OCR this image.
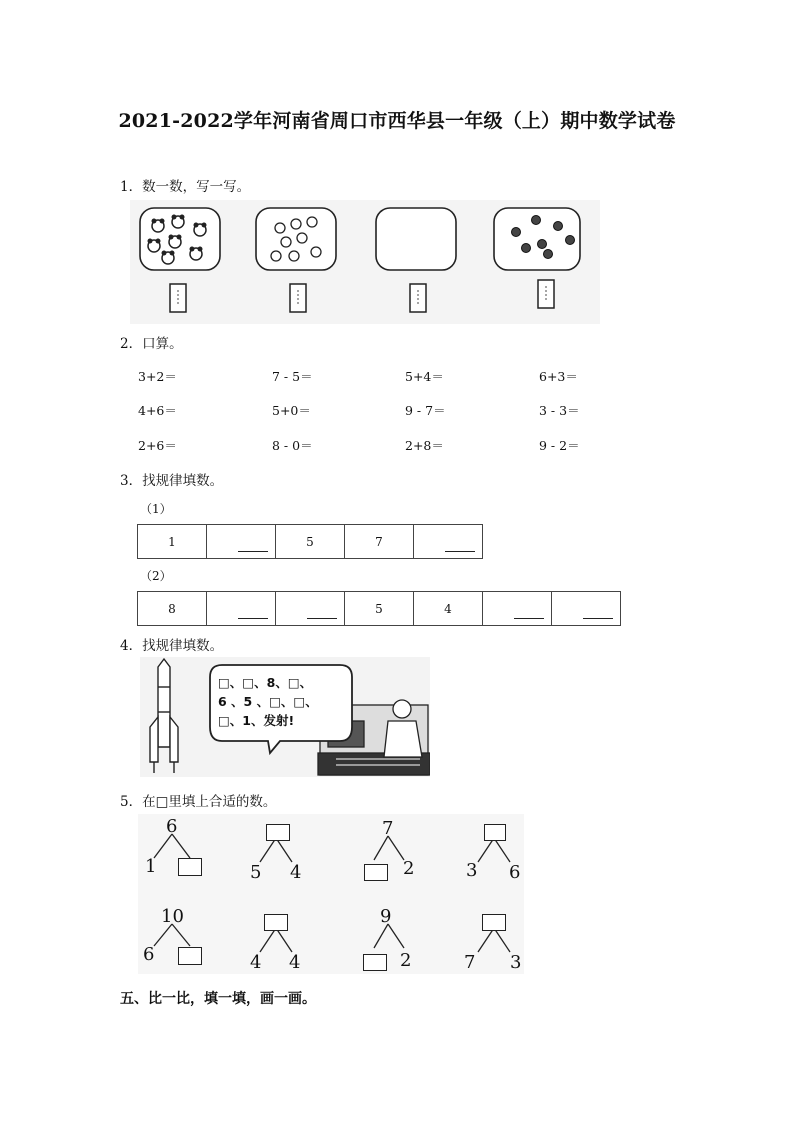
2021-2022学年河南省周口市西华县一年级（上）期中数学试卷
1．数一数，写一写。
2．口算。
3+2＝	7 - 5＝	5+4＝	6+3＝
4+6＝	5+0＝	9 - 7＝	3 - 3＝
2+6＝	8 - 0＝	2+8＝	9 - 2＝
3．找规律填数。
（1）
1		5	7	
（2）
8			5	4		
4．找规律填数。
□、□、8、□、
6 、5 、□、□、
□、1、发射!
5．在□里填上合适的数。
6
1	5 4
7
2	3 6
10
6	4 4
9
2	7 3
五、比一比，填一填，画一画。
